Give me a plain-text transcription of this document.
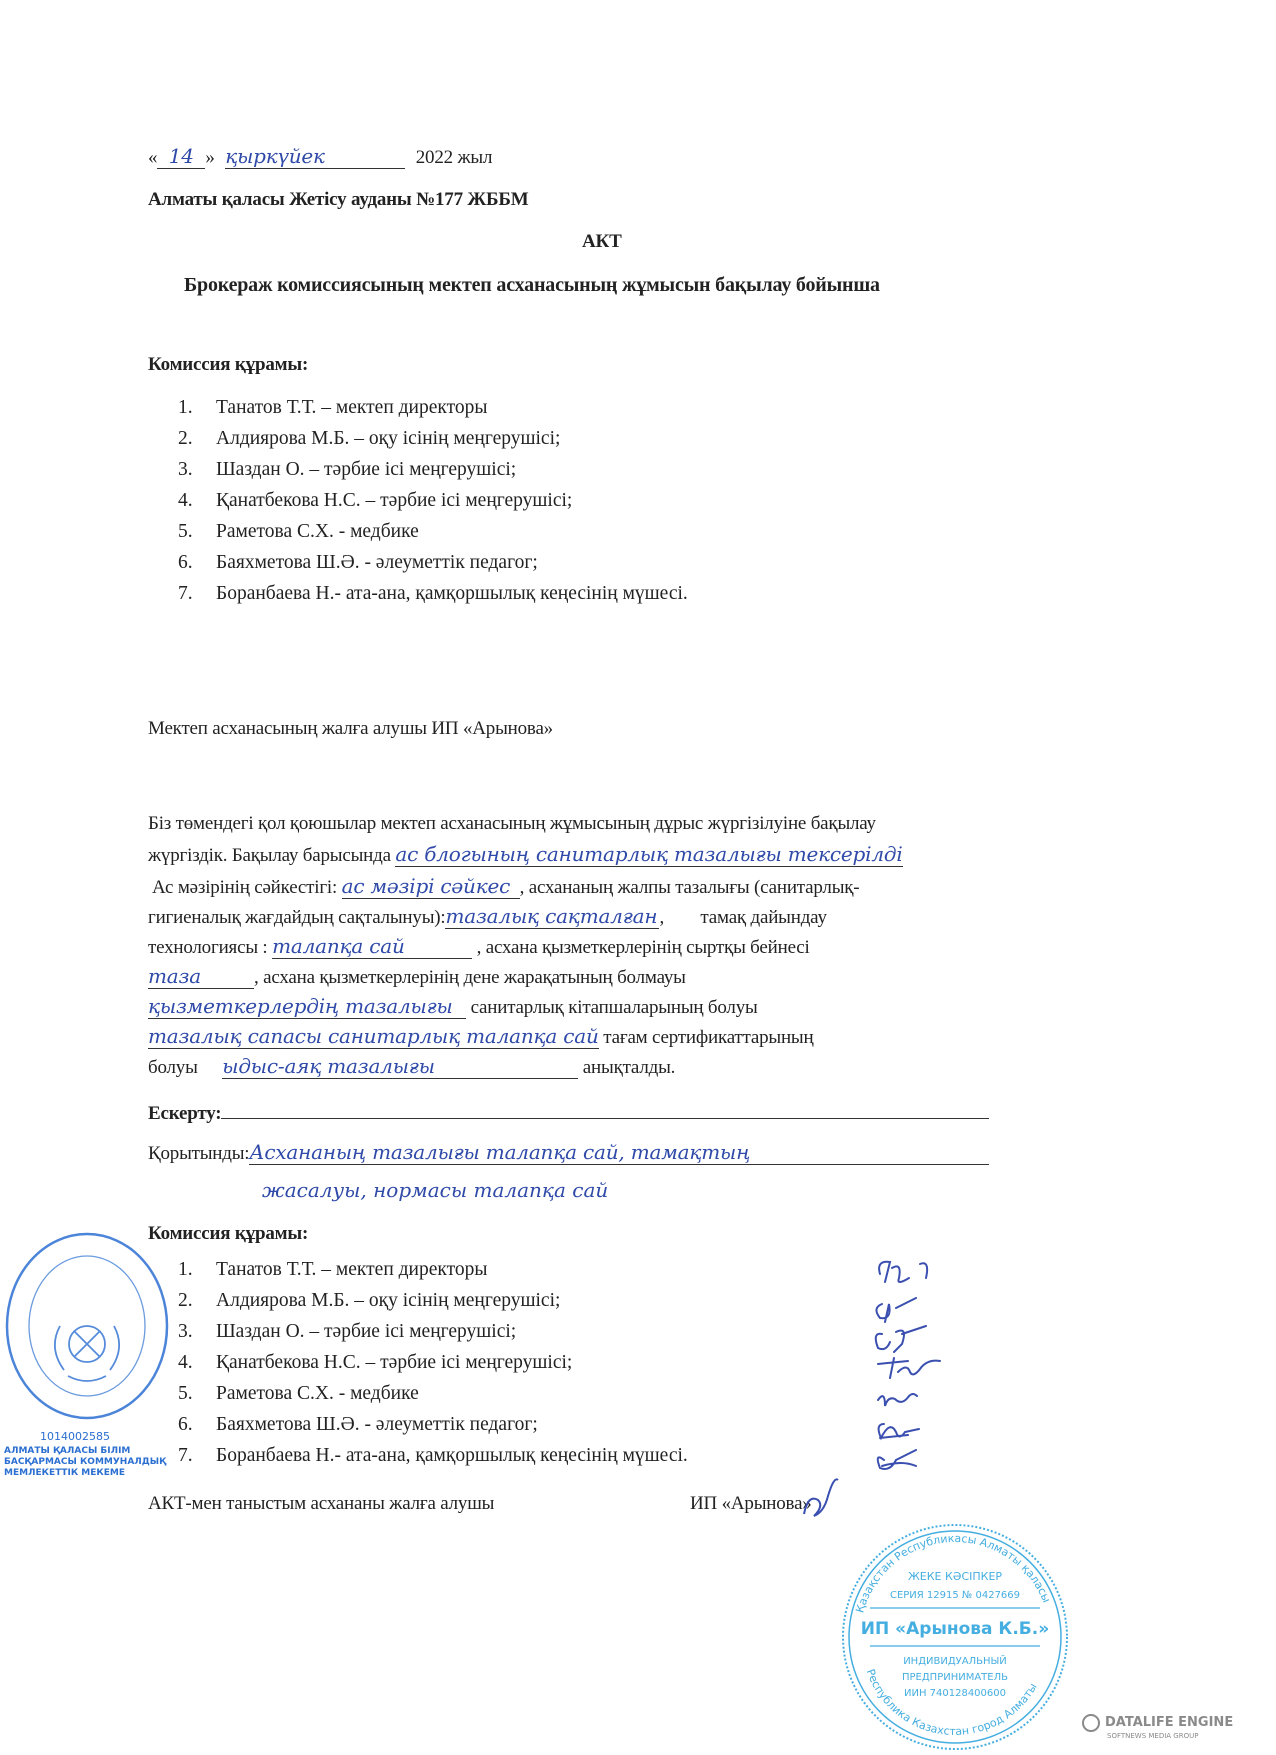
« 14 » қыркүйек	2022 жыл
Алматы қаласы Жетісу ауданы №177 ЖББМ
АКТ
Брокераж комиссиясының мектеп асханасының жұмысын бақылау бойынша
Комиссия құрамы:
1. Танатов Т.Т. – мектеп директоры
2. Алдиярова М.Б. – оқу ісінің меңгерушісі;
3. Шаздан О. – тәрбие ісі меңгерушісі;
4. Қанатбекова Н.С. – тәрбие ісі меңгерушісі;
5. Раметова С.Х. - медбике
6. Баяхметова Ш.Ә. - әлеуметтік педагог;
7. Боранбаева Н.- ата-ана, қамқоршылық кеңесінің мүшесі.
Мектеп асханасының жалға алушы ИП «Арынова»
Біз төмендегі қол қоюшылар мектеп асханасының жұмысының дұрыс жүргізілуіне бақылау
жүргіздік. Бақылау барысында ас блогының санитарлық тазалығы тексерілді
Ас мәзірінің сәйкестігі: ас мәзірі сәйкес , асхананың жалпы тазалығы (санитарлық-
гигиеналық жағдайдың сақталынуы):тазалық сақталған ,        тамақ дайындау
технологиясы : талапқа сай	, асхана қызметкерлерінің сыртқы бейнесі
таза	, асхана қызметкерлерінің дене жарақатының болмауы
қызметкерлердің тазалығы санитарлық кітапшаларының болуы
тазалық сапасы санитарлық талапқа сай тағам сертификаттарының
болуы ыдыс-аяқ тазалығы	анықталды.
Ескерту:
Қорытынды:Асхананың тазалығы талапқа сай, тамақтың
жасалуы, нормасы талапқа сай
1014002585
АЛМАТЫ ҚАЛАСЫ БІЛІМ БАСҚАРМАСЫ КОММУНАЛДЫҚ МЕМЛЕКЕТТІК МЕКЕМЕ
Комиссия құрамы:
1. Танатов Т.Т. – мектеп директоры
2. Алдиярова М.Б. – оқу ісінің меңгерушісі;
3. Шаздан О. – тәрбие ісі меңгерушісі;
4. Қанатбекова Н.С. – тәрбие ісі меңгерушісі;
5. Раметова С.Х. - медбике
6. Баяхметова Ш.Ә. - әлеуметтік педагог;
7. Боранбаева Н.- ата-ана, қамқоршылық кеңесінің мүшесі.
АКТ-мен таныстым асхананы жалға алушы	ИП «Арынова»
Қазақстан Республикасы Алматы қаласы
Республика Казахстан город Алматы
ЖЕКЕ КӘСІПКЕР
СЕРИЯ 12915 № 0427669
ИП «Арынова К.Б.»
ИНДИВИДУАЛЬНЫЙ
ПРЕДПРИНИМАТЕЛЬ
ИИН 740128400600
DATALIFE ENGINE
SOFTNEWS MEDIA GROUP
